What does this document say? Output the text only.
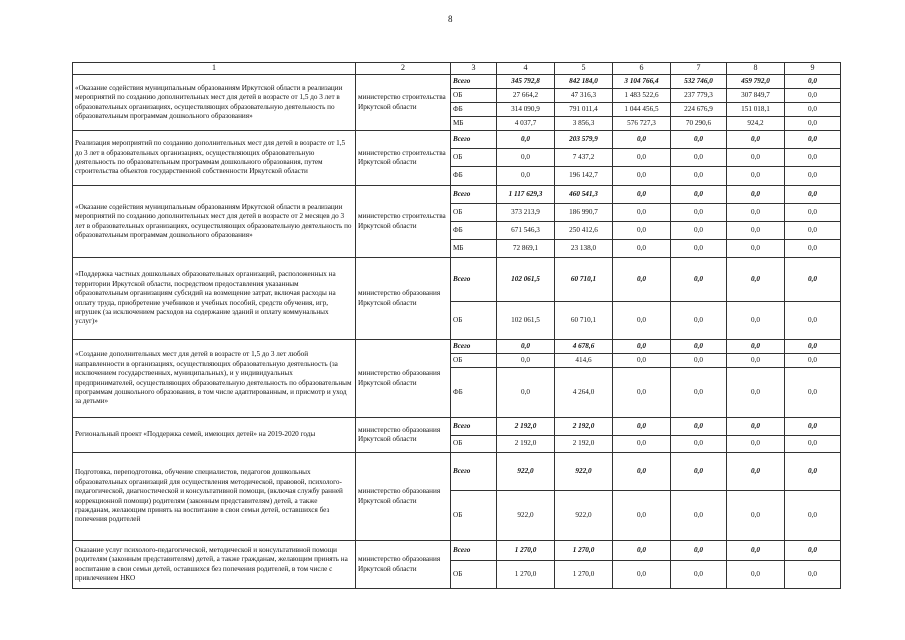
8
1	2	3	4	5	6	7	8	9
«Оказание содействия муниципальным образованиям Иркутской области в реализации мероприятий по созданию дополнительных мест для детей в возрасте от 1,5 до 3 лет в образовательных организациях, осуществляющих образовательную деятельность по образовательным программам дошкольного образования»	министерство строительства Иркутской области	Всего	345 792,8	842 184,0	3 104 766,4	532 746,0	459 792,0	0,0
		ОБ	27 664,2	47 316,3	1 483 522,6	237 779,3	307 849,7	0,0
		ФБ	314 090,9	791 011,4	1 044 456,5	224 676,9	151 018,1	0,0
		МБ	4 037,7	3 856,3	576 727,3	70 290,6	924,2	0,0
Реализация мероприятий по созданию дополнительных мест для детей в возрасте от 1,5 до 3 лет в образовательных организациях, осуществляющих образовательную деятельность по образовательным программам дошкольного образования, путем строительства объектов государственной собственности Иркутской области	министерство строительства Иркутской области	Всего	0,0	203 579,9	0,0	0,0	0,0	0,0
		ОБ	0,0	7 437,2	0,0	0,0	0,0	0,0
		ФБ	0,0	196 142,7	0,0	0,0	0,0	0,0
«Оказание содействия муниципальным образованиям Иркутской области в реализации мероприятий по созданию дополнительных мест для детей в возрасте от 2 месяцев до 3 лет в образовательных организациях, осуществляющих образовательную деятельность по образовательным программам дошкольного образования»	министерство строительства Иркутской области	Всего	1 117 629,3	460 541,3	0,0	0,0	0,0	0,0
		ОБ	373 213,9	186 990,7	0,0	0,0	0,0	0,0
		ФБ	671 546,3	250 412,6	0,0	0,0	0,0	0,0
		МБ	72 869,1	23 138,0	0,0	0,0	0,0	0,0
«Поддержка частных дошкольных образовательных организаций, расположенных на территории Иркутской области, посредством предоставления указанным образовательным организациям субсидий на возмещение затрат, включая расходы на оплату труда, приобретение учебников и учебных пособий, средств обучения, игр, игрушек (за исключением расходов на содержание зданий и оплату коммунальных услуг)»	министерство образования Иркутской области	Всего	102 061,5	60 710,1	0,0	0,0	0,0	0,0
		ОБ	102 061,5	60 710,1	0,0	0,0	0,0	0,0
«Создание дополнительных мест для детей в возрасте от 1,5 до 3 лет любой направленности в организациях, осуществляющих образовательную деятельность (за исключением государственных, муниципальных), и у индивидуальных предпринимателей, осуществляющих образовательную деятельность по образовательным программам дошкольного образования, в том числе адаптированным, и присмотр и уход за детьми»	министерство образования Иркутской области	Всего	0,0	4 678,6	0,0	0,0	0,0	0,0
		ОБ	0,0	414,6	0,0	0,0	0,0	0,0
		ФБ	0,0	4 264,0	0,0	0,0	0,0	0,0
Региональный проект «Поддержка семей, имеющих детей» на 2019-2020 годы	министерство образования Иркутской области	Всего	2 192,0	2 192,0	0,0	0,0	0,0	0,0
		ОБ	2 192,0	2 192,0	0,0	0,0	0,0	0,0
Подготовка, переподготовка, обучение специалистов, педагогов дошкольных образовательных организаций для осуществления методической, правовой, психолого-педагогической, диагностической и консультативной помощи, (включая службу ранней коррекционной помощи) родителям (законным представителям) детей, а также гражданам, желающим принять на воспитание в свои семьи детей, оставшихся без попечения родителей	министерство образования Иркутской области	Всего	922,0	922,0	0,0	0,0	0,0	0,0
		ОБ	922,0	922,0	0,0	0,0	0,0	0,0
Оказание услуг психолого-педагогической, методической и консультативной помощи родителям (законным представителям) детей, а также гражданам, желающим принять на воспитание в свои семьи детей, оставшихся без попечения родителей, в том числе с привлечением НКО	министерство образования Иркутской области	Всего	1 270,0	1 270,0	0,0	0,0	0,0	0,0
		ОБ	1 270,0	1 270,0	0,0	0,0	0,0	0,0
